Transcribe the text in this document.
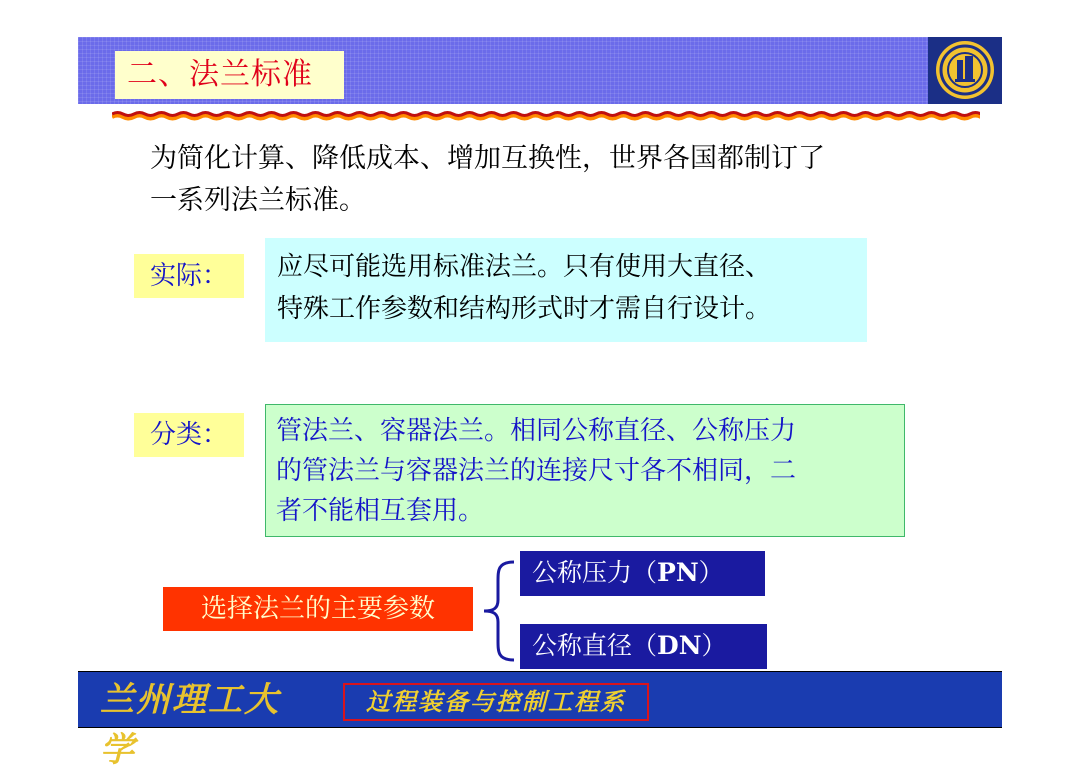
二、法兰标准
为简化计算、降低成本、增加互换性，世界各国都制订了
一系列法兰标准。
实际：	应尽可能选用标准法兰。只有使用大直径、
特殊工作参数和结构形式时才需自行设计。
分类：	管法兰、容器法兰。相同公称直径、公称压力
的管法兰与容器法兰的连接尺寸各不相同，二
者不能相互套用。
选择法兰的主要参数
公称压力（PN）
公称直径（DN）
兰州理工大学
过程装备与控制工程系
